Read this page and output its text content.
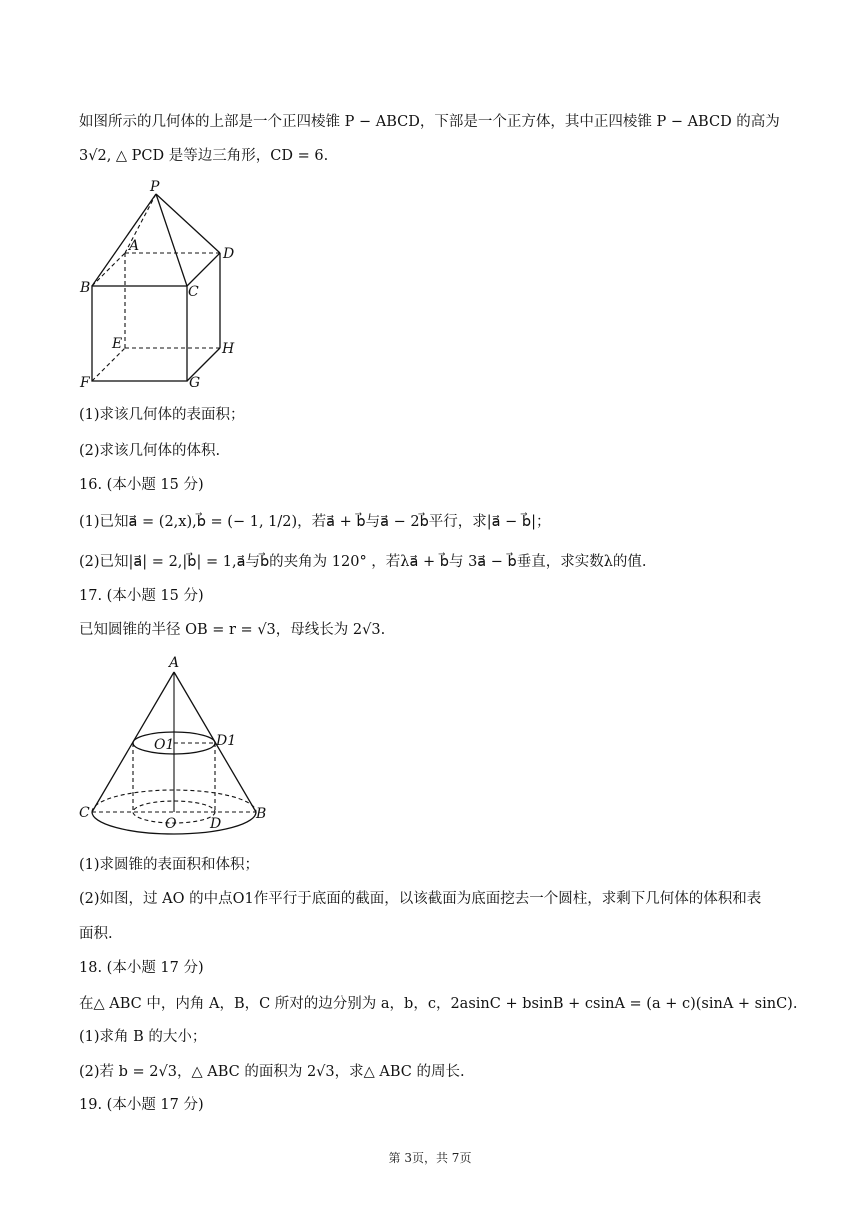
如图所示的几何体的上部是一个正四棱锥 P − ABCD，下部是一个正方体，其中正四棱锥 P − ABCD 的高为
3√2, △ PCD 是等边三角形，CD = 6.
P
A	D
B	C
E	H
F	G
(1)求该几何体的表面积；
(2)求该几何体的体积.
16. (本小题 15 分)
(1)已知a⃗ = (2,x),b⃗ = (− 1, 1/2)，若a⃗ + b⃗与a⃗ − 2b⃗平行，求|a⃗ − b⃗|；
(2)已知|a⃗| = 2,|b⃗| = 1,a⃗与b⃗的夹角为 120° ，若λa⃗ + b⃗与 3a⃗ − b⃗垂直，求实数λ的值.
17. (本小题 15 分)
已知圆锥的半径 OB = r = √3，母线长为 2√3.
A
O1	D1
C
O D
B
(1)求圆锥的表面积和体积；
(2)如图，过 AO 的中点O1作平行于底面的截面，以该截面为底面挖去一个圆柱，求剩下几何体的体积和表
面积.
18. (本小题 17 分)
在△ ABC 中，内角 A，B，C 所对的边分别为 a，b，c，2asinC + bsinB + csinA = (a + c)(sinA + sinC).
(1)求角 B 的大小；
(2)若 b = 2√3，△ ABC 的面积为 2√3，求△ ABC 的周长.
19. (本小题 17 分)
第 3页，共 7页
